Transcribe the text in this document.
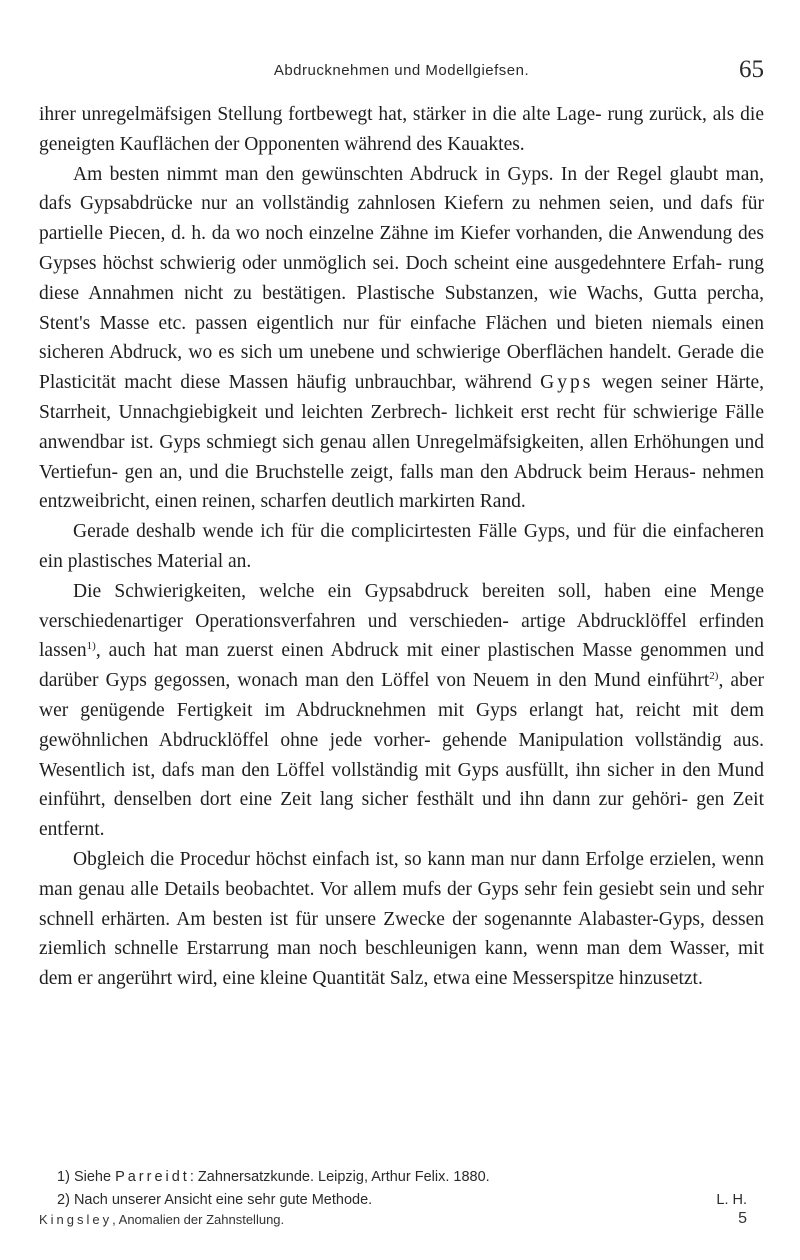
Abdrucknehmen und Modellgiefsen.	65

ihrer unregelmäfsigen Stellung fortbewegt hat, stärker in die alte Lage- rung zurück, als die geneigten Kauflächen der Opponenten während des Kauaktes.

Am besten nimmt man den gewünschten Abdruck in Gyps. In der Regel glaubt man, dafs Gypsabdrücke nur an vollständig zahnlosen Kiefern zu nehmen seien, und dafs für partielle Piecen, d. h. da wo noch einzelne Zähne im Kiefer vorhanden, die Anwendung des Gypses höchst schwierig oder unmöglich sei. Doch scheint eine ausgedehntere Erfah- rung diese Annahmen nicht zu bestätigen. Plastische Substanzen, wie Wachs, Gutta percha, Stent's Masse etc. passen eigentlich nur für einfache Flächen und bieten niemals einen sicheren Abdruck, wo es sich um unebene und schwierige Oberflächen handelt. Gerade die Plasticität macht diese Massen häufig unbrauchbar, während Gyps wegen seiner Härte, Starrheit, Unnachgiebigkeit und leichten Zerbrech- lichkeit erst recht für schwierige Fälle anwendbar ist. Gyps schmiegt sich genau allen Unregelmäfsigkeiten, allen Erhöhungen und Vertiefun- gen an, und die Bruchstelle zeigt, falls man den Abdruck beim Heraus- nehmen entzweibricht, einen reinen, scharfen deutlich markirten Rand.

Gerade deshalb wende ich für die complicirtesten Fälle Gyps, und für die einfacheren ein plastisches Material an.

Die Schwierigkeiten, welche ein Gypsabdruck bereiten soll, haben eine Menge verschiedenartiger Operationsverfahren und verschieden- artige Abdrucklöffel erfinden lassen$^{1)}$, auch hat man zuerst einen Abdruck mit einer plastischen Masse genommen und darüber Gyps gegossen, wonach man den Löffel von Neuem in den Mund einführt$^{2)}$, aber wer genügende Fertigkeit im Abdrucknehmen mit Gyps erlangt hat, reicht mit dem gewöhnlichen Abdrucklöffel ohne jede vorher- gehende Manipulation vollständig aus. Wesentlich ist, dafs man den Löffel vollständig mit Gyps ausfüllt, ihn sicher in den Mund einführt, denselben dort eine Zeit lang sicher festhält und ihn dann zur gehöri- gen Zeit entfernt.

Obgleich die Procedur höchst einfach ist, so kann man nur dann Erfolge erzielen, wenn man genau alle Details beobachtet. Vor allem mufs der Gyps sehr fein gesiebt sein und sehr schnell erhärten. Am besten ist für unsere Zwecke der sogenannte Alabaster-Gyps, dessen ziemlich schnelle Erstarrung man noch beschleunigen kann, wenn man dem Wasser, mit dem er angerührt wird, eine kleine Quantität Salz, etwa eine Messerspitze hinzusetzt.

1) Siehe Parreidt: Zahnersatzkunde. Leipzig, Arthur Felix. 1880.
2) Nach unserer Ansicht eine sehr gute Methode.	L. H.
Kingsley, Anomalien der Zahnstellung.	5
